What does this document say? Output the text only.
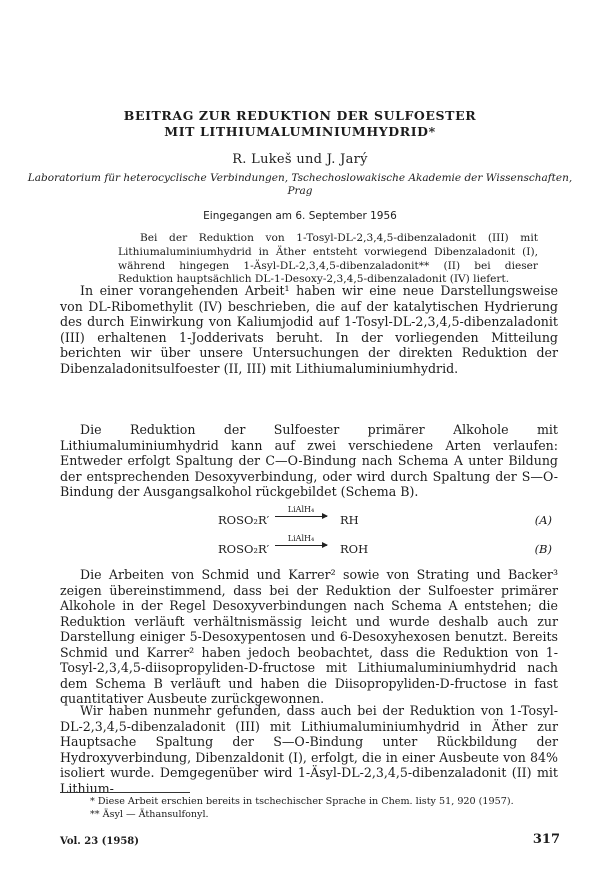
BEITRAG ZUR REDUKTION DER SULFOESTER
MIT LITHIUMALUMINIUMHYDRID*
R. Lukeš und J. Jarý
Laboratorium für heterocyclische Verbindungen, Tschechoslowakische Akademie der Wissenschaften, Prag
Eingegangen am 6. September 1956

Bei der Reduktion von 1-Tosyl-DL-2,3,4,5-dibenzaladonit (III) mit Lithiumaluminiumhydrid in Äther entsteht vorwiegend Dibenzaladonit (I), während hingegen 1-Äsyl-DL-2,3,4,5-dibenzaladonit** (II) bei dieser Reduktion hauptsächlich DL-1-Desoxy-2,3,4,5-dibenzaladonit (IV) liefert.

In einer vorangehenden Arbeit¹ haben wir eine neue Darstellungsweise von DL-Ribomethylit (IV) beschrieben, die auf der katalytischen Hydrierung des durch Einwirkung von Kaliumjodid auf 1-Tosyl-DL-2,3,4,5-dibenzaladonit (III) erhaltenen 1-Jodderivats beruht. In der vorliegenden Mitteilung berichten wir über unsere Untersuchungen der direkten Reduktion der Dibenzaladonitsulfoester (II, III) mit Lithiumaluminiumhydrid.

Die Reduktion der Sulfoester primärer Alkohole mit Lithiumaluminiumhydrid kann auf zwei verschiedene Arten verlaufen: Entweder erfolgt Spaltung der C—O-Bindung nach Schema A unter Bildung der entsprechenden Desoxyverbindung, oder wird durch Spaltung der S—O-Bindung der Ausgangsalkohol rückgebildet (Schema B).

ROSO₂R′
LiAlH₄
RH	(A)
ROSO₂R′
LiAlH₄
ROH	(B)

Die Arbeiten von Schmid und Karrer² sowie von Strating und Backer³ zeigen übereinstimmend, dass bei der Reduktion der Sulfoester primärer Alkohole in der Regel Desoxyverbindungen nach Schema A entstehen; die Reduktion verläuft verhältnismässig leicht und wurde deshalb auch zur Darstellung einiger 5-Desoxypentosen und 6-Desoxyhexosen benutzt. Bereits Schmid und Karrer² haben jedoch beobachtet, dass die Reduktion von 1-Tosyl-2,3,4,5-diisopropyliden-D-fructose mit Lithiumaluminiumhydrid nach dem Schema B verläuft und haben die Diisopropyliden-D-fructose in fast quantitativer Ausbeute zurückgewonnen.

Wir haben nunmehr gefunden, dass auch bei der Reduktion von 1-Tosyl-DL-2,3,4,5-dibenzaladonit (III) mit Lithiumaluminiumhydrid in Äther zur Hauptsache Spaltung der S—O-Bindung unter Rückbildung der Hydroxyverbindung, Dibenzaldonit (I), erfolgt, die in einer Ausbeute von 84% isoliert wurde. Demgegenüber wird 1-Äsyl-DL-2,3,4,5-dibenzaladonit (II) mit Lithium-

* Diese Arbeit erschien bereits in tschechischer Sprache in Chem. listy 51, 920 (1957).

** Äsyl — Äthansulfonyl.

Vol. 23 (1958)	317
